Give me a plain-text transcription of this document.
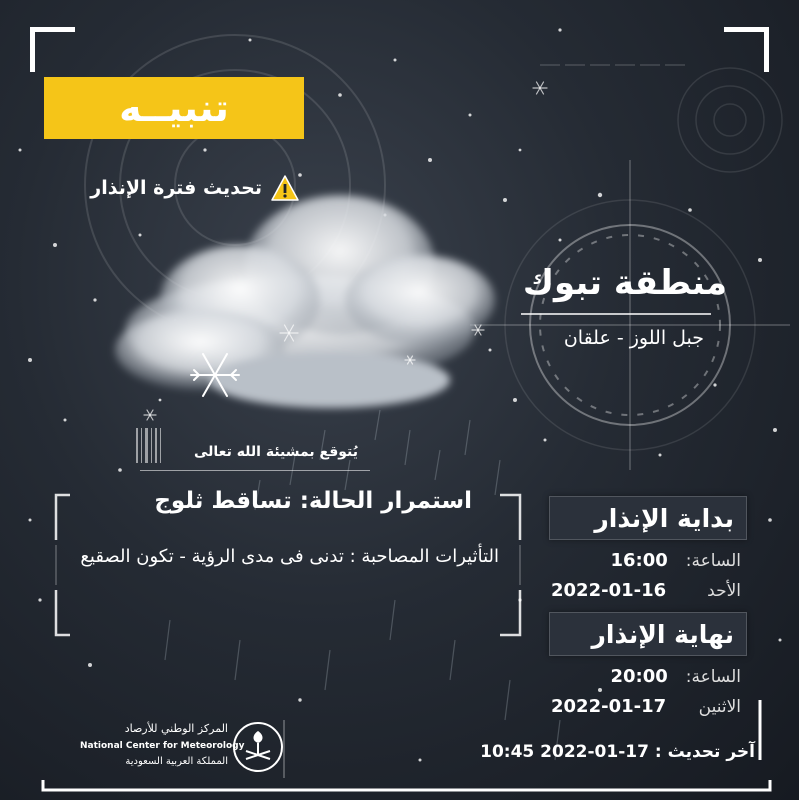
تنبيــه
تحديث فترة الإنذار
منطقة تبوك
جبل اللوز - علقان
يُتوقع بمشيئة الله تعالى
استمرار الحالة: تساقط ثلوج
التأثيرات المصاحبة : تدنى فى مدى الرؤية - تكون الصقيع
بداية الإنذار
الساعة:
16:00
الأحد
2022-01-16
نهاية الإنذار
الساعة:
20:00
الاثنين
2022-01-17
آخر تحديث : 17-01-2022 10:45
المركز الوطني للأرصاد
National Center for Meteorology
المملكة العربية السعودية
